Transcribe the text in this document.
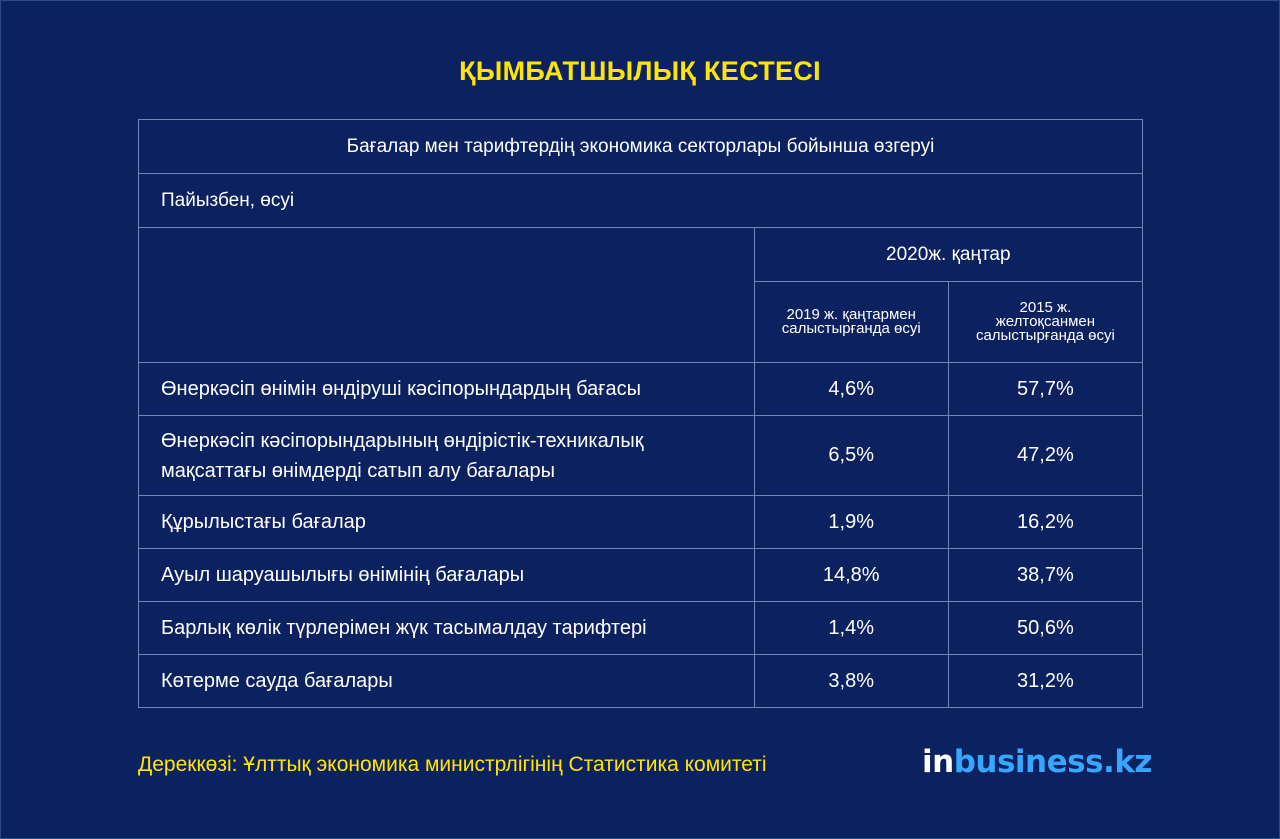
ҚЫМБАТШЫЛЫҚ КЕСТЕСІ
Бағалар мен тарифтердің экономика секторлары бойынша өзгеруі		
Пайызбен, өсуі		
	2020ж. қаңтар	
	2019 ж. қаңтармен салыстырғанда өсуі	2015 ж. желтоқсанмен салыстырғанда өсуі
Өнеркәсіп өнімін өндіруші кәсіпорындардың бағасы	4,6%	57,7%
Өнеркәсіп кәсіпорындарының өндірістік-техникалық мақсаттағы өнімдерді сатып алу бағалары	6,5%	47,2%
Құрылыстағы бағалар	1,9%	16,2%
Ауыл шаруашылығы өнімінің бағалары	14,8%	38,7%
Барлық көлік түрлерімен жүк тасымалдау тарифтері	1,4%	50,6%
Көтерме сауда бағалары	3,8%	31,2%
Дереккөзі: Ұлттық экономика министрлігінің Статистика комитеті	inbusiness.kz
